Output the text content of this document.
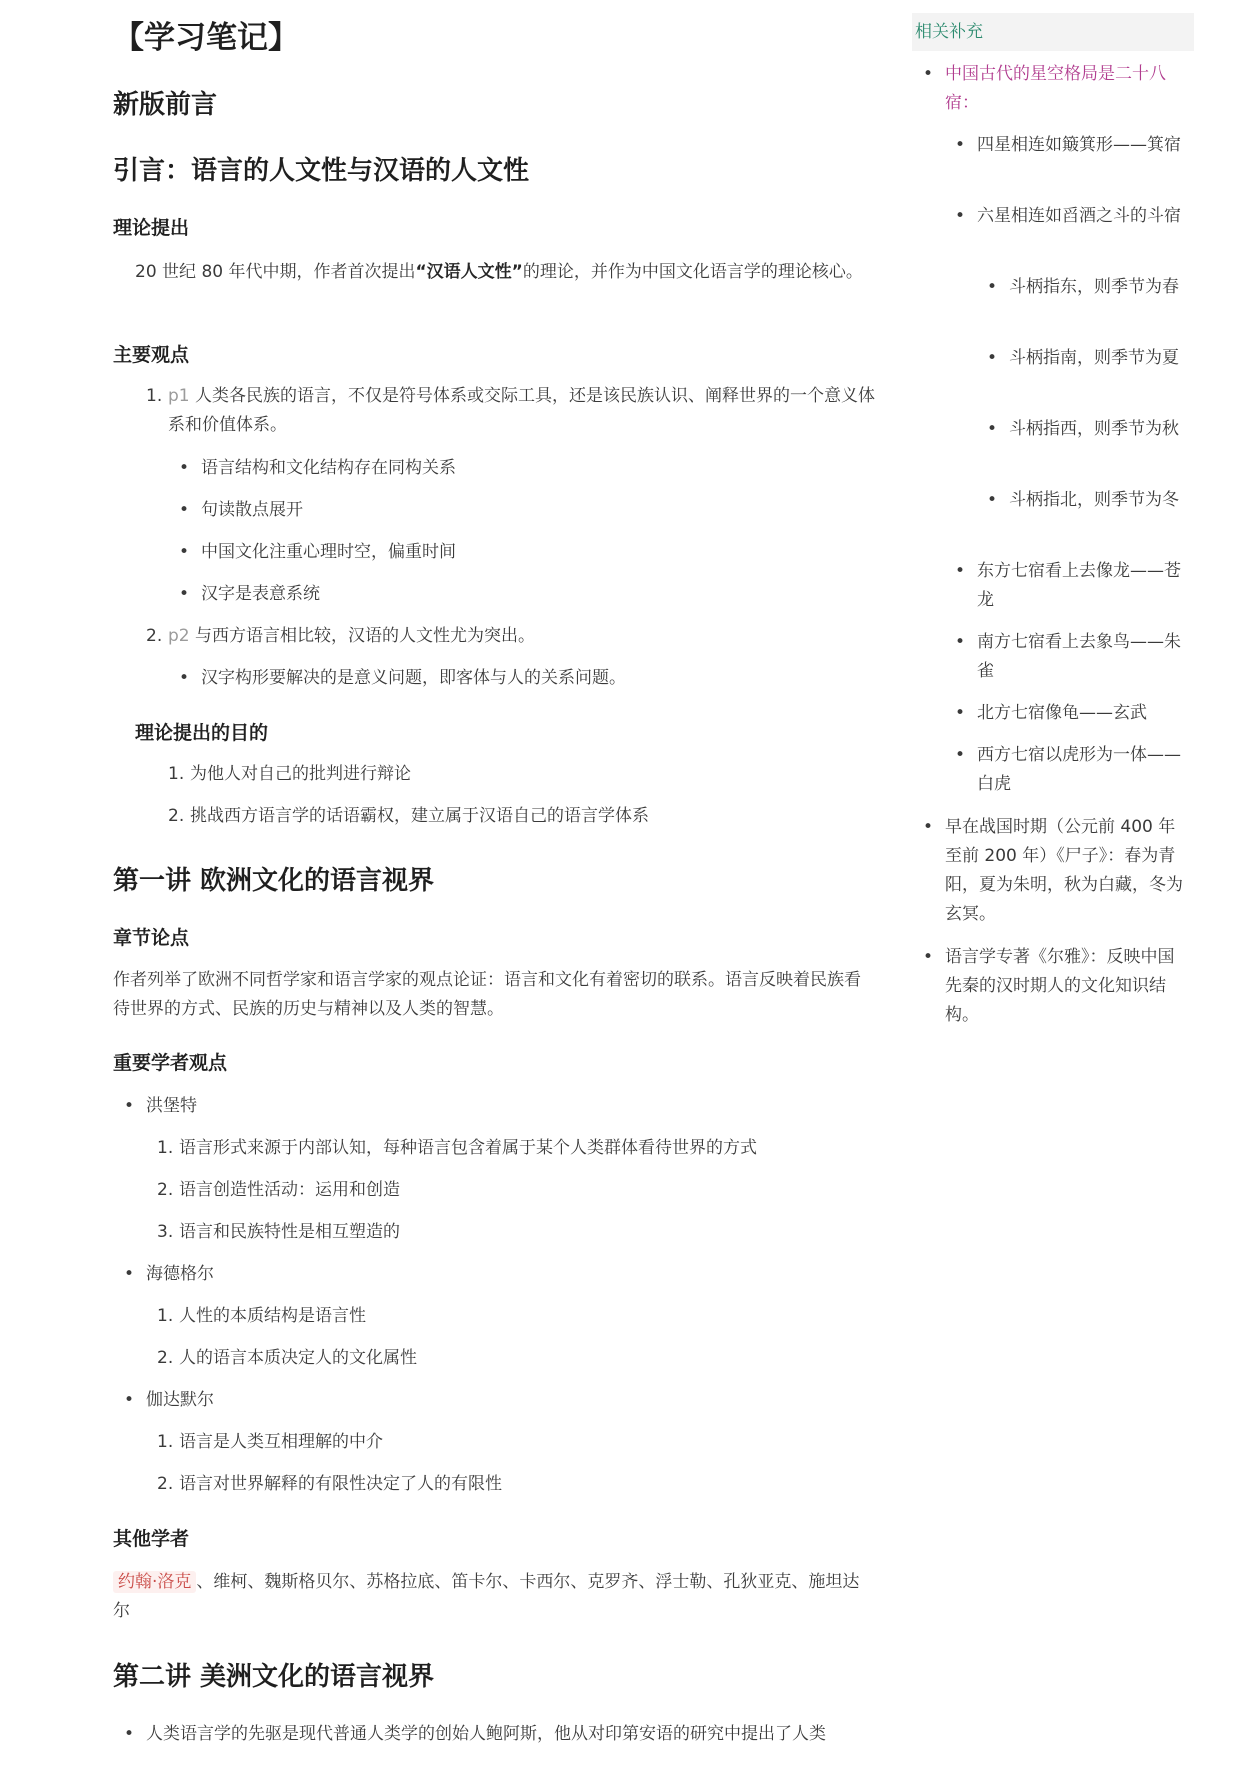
【学习笔记】
新版前言
引言：语言的人文性与汉语的人文性
理论提出

20 世纪 80 年代中期，作者首次提出“汉语人文性”的理论，并作为中国文化语言学的理论核心。

主要观点
1. p1 人类各民族的语言，不仅是符号体系或交际工具，还是该民族认识、阐释世界的一个意义体系和价值体系。
• 语言结构和文化结构存在同构关系
• 句读散点展开
• 中国文化注重心理时空，偏重时间
• 汉字是表意系统
2. p2 与西方语言相比较，汉语的人文性尤为突出。
• 汉字构形要解决的是意义问题，即客体与人的关系问题。
理论提出的目的
1. 为他人对自己的批判进行辩论
2. 挑战西方语言学的话语霸权，建立属于汉语自己的语言学体系
第一讲 欧洲文化的语言视界
章节论点

作者列举了欧洲不同哲学家和语言学家的观点论证：语言和文化有着密切的联系。语言反映着民族看待世界的方式、民族的历史与精神以及人类的智慧。

重要学者观点
• 洪堡特
1. 语言形式来源于内部认知，每种语言包含着属于某个人类群体看待世界的方式
2. 语言创造性活动：运用和创造
3. 语言和民族特性是相互塑造的
• 海德格尔
1. 人性的本质结构是语言性
2. 人的语言本质决定人的文化属性
• 伽达默尔
1. 语言是人类互相理解的中介
2. 语言对世界解释的有限性决定了人的有限性
其他学者

约翰·洛克 、维柯、魏斯格贝尔、苏格拉底、笛卡尔、卡西尔、克罗齐、浮士勒、孔狄亚克、施坦达尔

第二讲 美洲文化的语言视界
• 人类语言学的先驱是现代普通人类学的创始人鲍阿斯，他从对印第安语的研究中提出了人类
相关补充

• 中国古代的星空格局是二十八宿：

• 四星相连如簸箕形——箕宿

• 六星相连如舀酒之斗的斗宿

• 斗柄指东，则季节为春

• 斗柄指南，则季节为夏

• 斗柄指西，则季节为秋

• 斗柄指北，则季节为冬

• 东方七宿看上去像龙——苍龙

• 南方七宿看上去象鸟——朱雀

• 北方七宿像龟——玄武

• 西方七宿以虎形为一体——白虎

• 早在战国时期（公元前 400 年至前 200 年）《尸子》：春为青阳，夏为朱明，秋为白藏，冬为玄冥。

• 语言学专著《尔雅》：反映中国先秦的汉时期人的文化知识结构。
